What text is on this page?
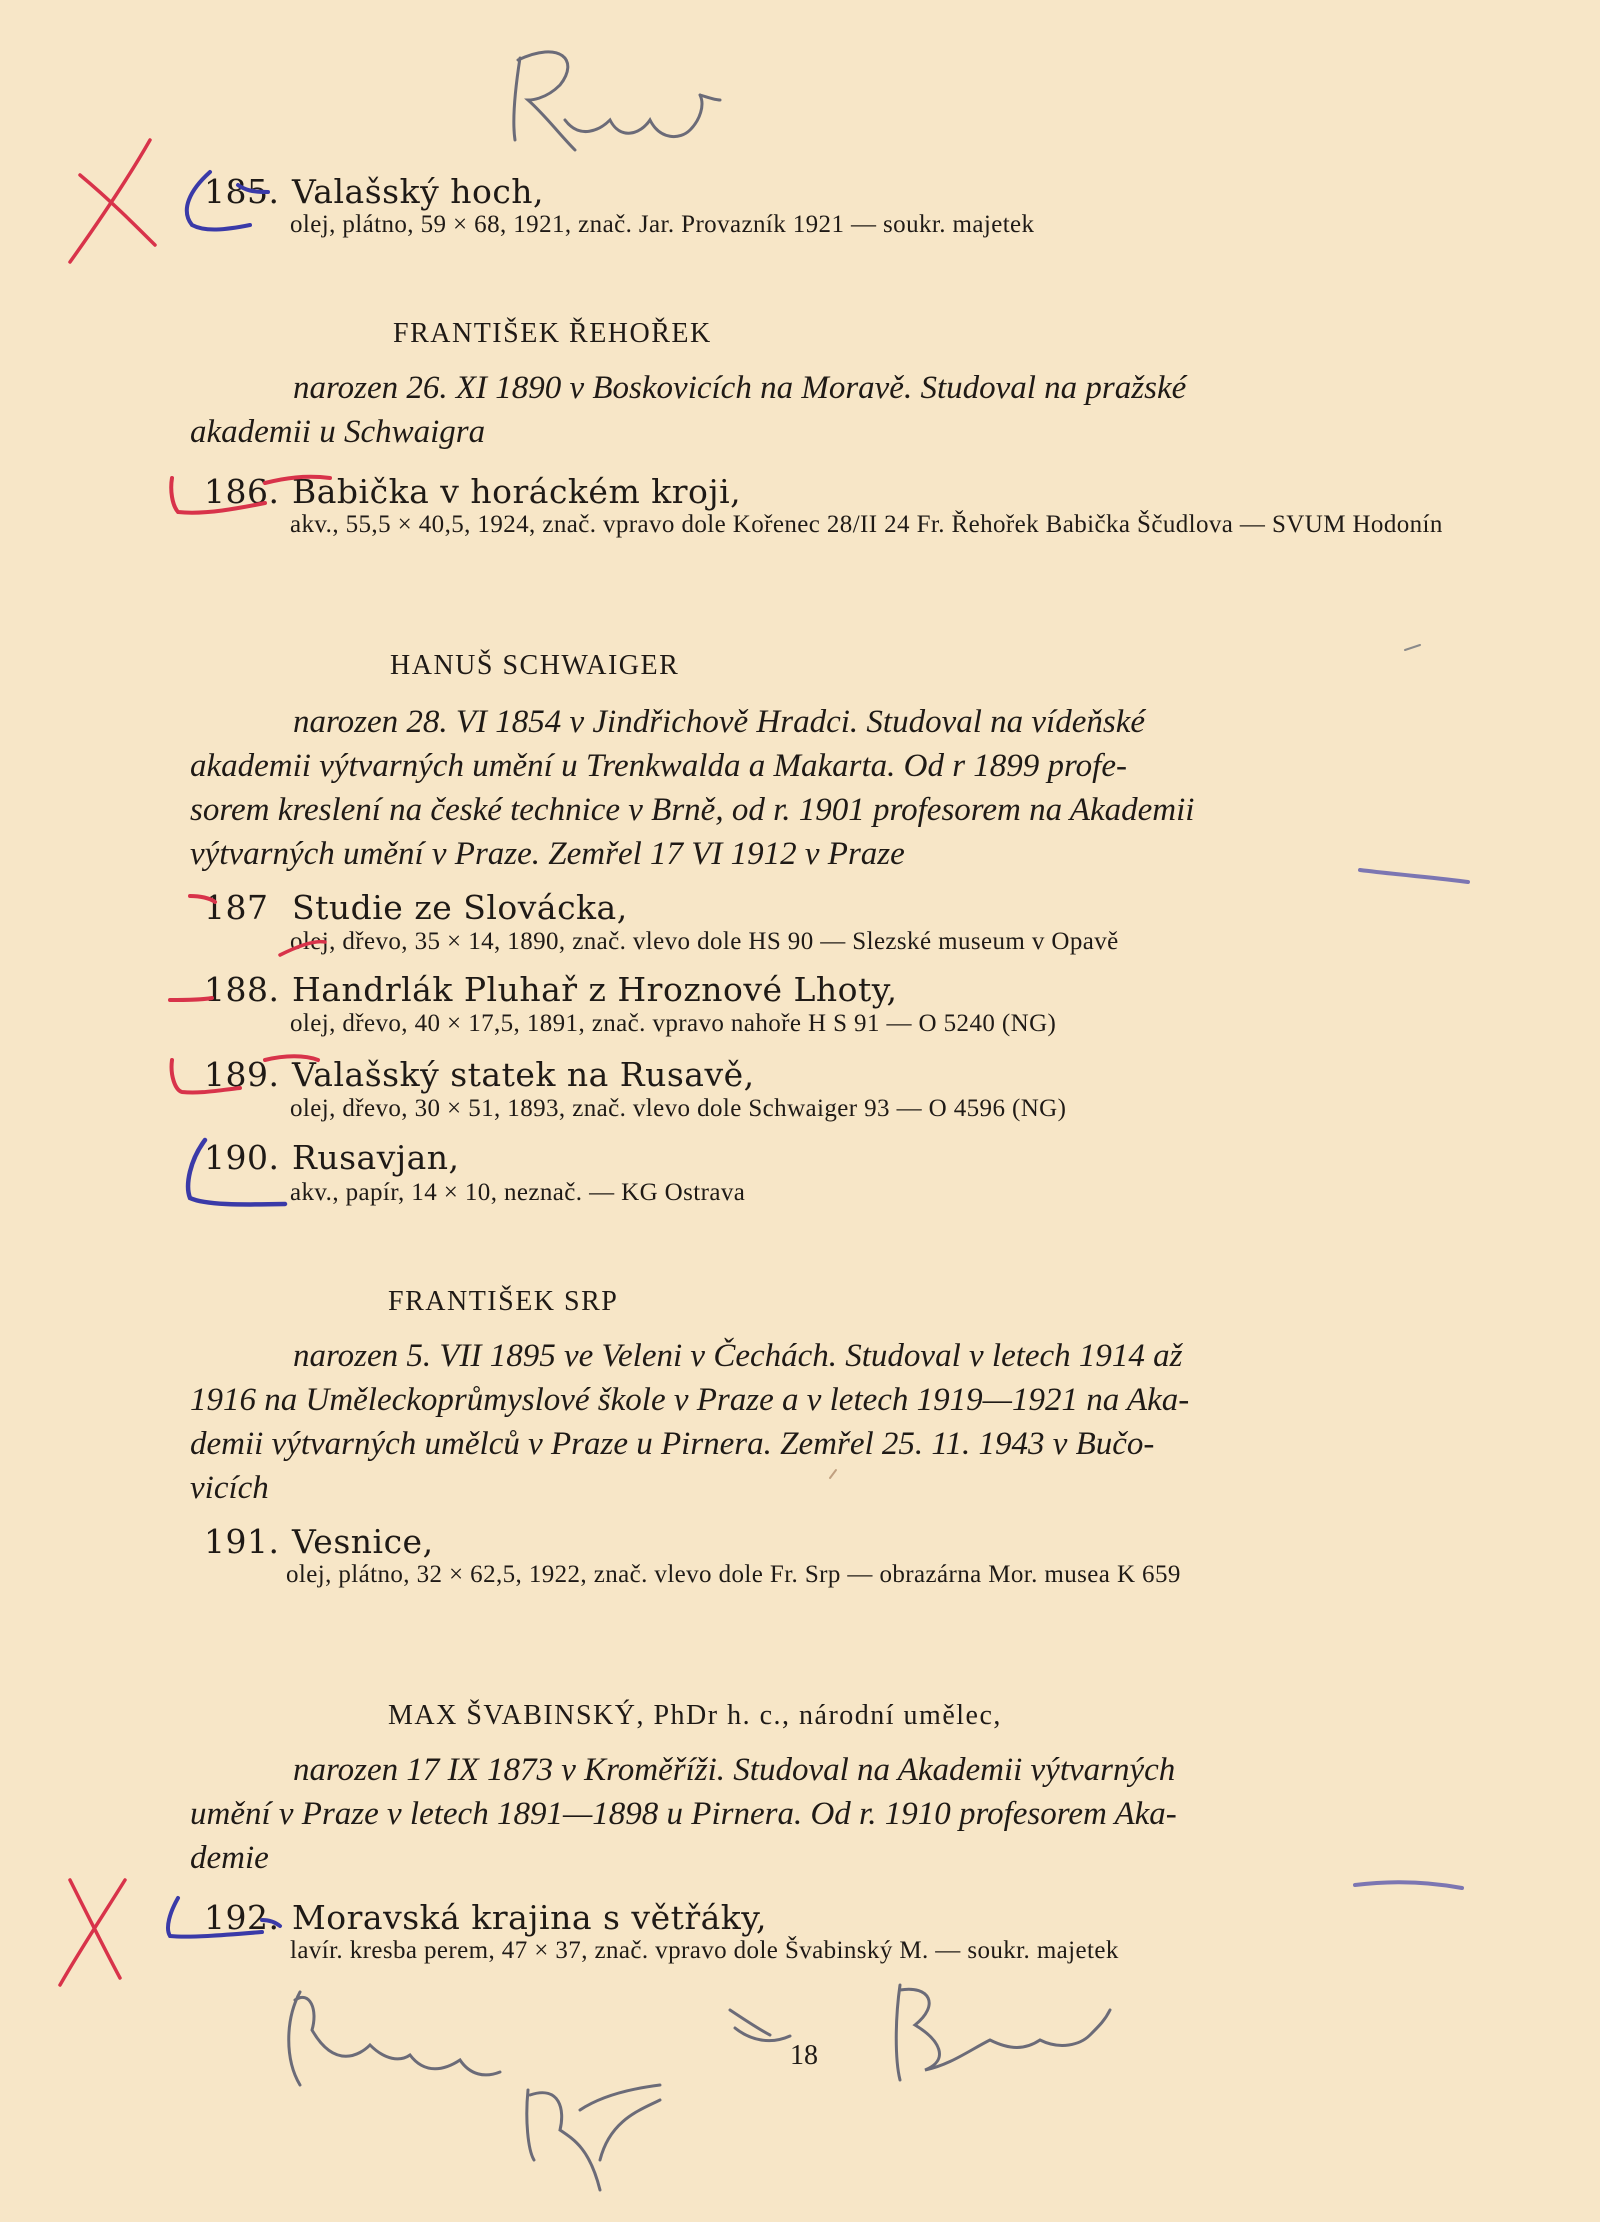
185. Valašský hoch,
olej, plátno, 59 × 68, 1921, znač. Jar. Provazník 1921 — soukr. majetek
FRANTIŠEK ŘEHOŘEK
narozen 26. XI 1890 v Boskovicích na Moravě. Studoval na pražské
akademii u Schwaigra
186. Babička v horáckém kroji,
akv., 55,5 × 40,5, 1924, znač. vpravo dole Kořenec 28/II 24 Fr. Řehořek Babička Ščudlova — SVUM Hodonín
HANUŠ SCHWAIGER
narozen 28. VI 1854 v Jindřichově Hradci. Studoval na vídeňské
akademii výtvarných umění u Trenkwalda a Makarta. Od r 1899 profe-
sorem kreslení na české technice v Brně, od r. 1901 profesorem na Akademii
výtvarných umění v Praze. Zemřel 17 VI 1912 v Praze
187 Studie ze Slovácka,
olej, dřevo, 35 × 14, 1890, znač. vlevo dole HS 90 — Slezské museum v Opavě
188. Handrlák Pluhař z Hroznové Lhoty,
olej, dřevo, 40 × 17,5, 1891, znač. vpravo nahoře H S 91 — O 5240 (NG)
189. Valašský statek na Rusavě,
olej, dřevo, 30 × 51, 1893, znač. vlevo dole Schwaiger 93 — O 4596 (NG)
190. Rusavjan,
akv., papír, 14 × 10, neznač. — KG Ostrava
FRANTIŠEK SRP
narozen 5. VII 1895 ve Veleni v Čechách. Studoval v letech 1914 až
1916 na Uměleckoprůmyslové škole v Praze a v letech 1919—1921 na Aka-
demii výtvarných umělců v Praze u Pirnera. Zemřel 25. 11. 1943 v Bučo-
vicích
191. Vesnice,
olej, plátno, 32 × 62,5, 1922, znač. vlevo dole Fr. Srp — obrazárna Mor. musea K 659
MAX ŠVABINSKÝ, PhDr h. c., národní umělec,
narozen 17 IX 1873 v Kroměříži. Studoval na Akademii výtvarných
umění v Praze v letech 1891—1898 u Pirnera. Od r. 1910 profesorem Aka-
demie
192. Moravská krajina s větřáky,
lavír. kresba perem, 47 × 37, znač. vpravo dole Švabinský M. — soukr. majetek
18
